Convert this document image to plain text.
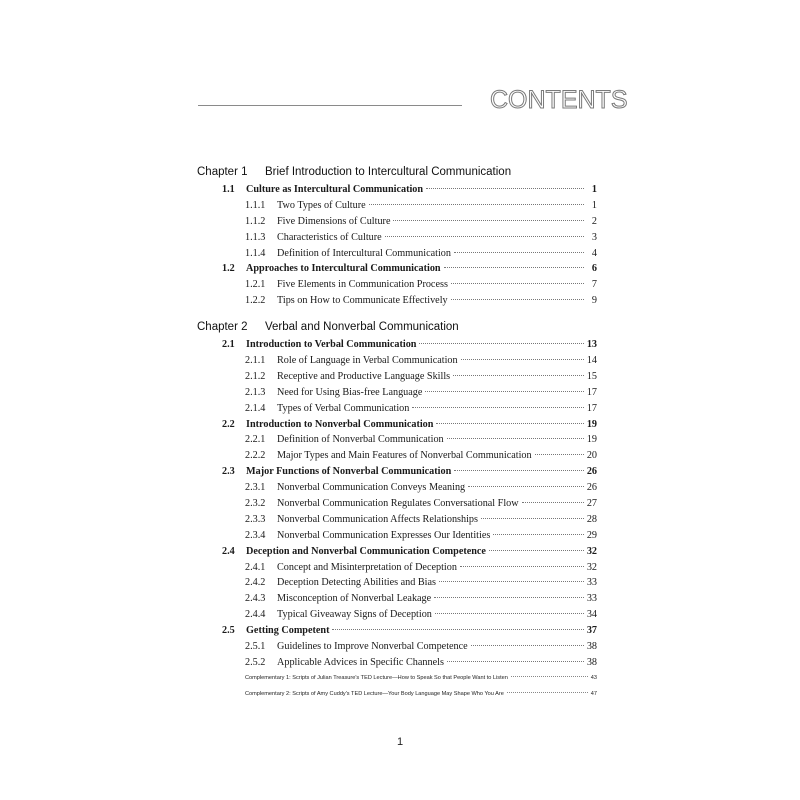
CONTENTS
Chapter 1 Brief Introduction to Intercultural Communication
1.1	Culture as Intercultural Communication	1
1.1.1	Two Types of Culture	1
1.1.2	Five Dimensions of Culture	2
1.1.3	Characteristics of Culture	3
1.1.4	Definition of Intercultural Communication	4
1.2	Approaches to Intercultural Communication	6
1.2.1	Five Elements in Communication Process	7
1.2.2	Tips on How to Communicate Effectively	9
Chapter 2 Verbal and Nonverbal Communication
2.1	Introduction to Verbal Communication	13
2.1.1	Role of Language in Verbal Communication	14
2.1.2	Receptive and Productive Language Skills	15
2.1.3	Need for Using Bias-free Language	17
2.1.4	Types of Verbal Communication	17
2.2	Introduction to Nonverbal Communication	19
2.2.1	Definition of Nonverbal Communication	19
2.2.2	Major Types and Main Features of Nonverbal Communication	20
2.3	Major Functions of Nonverbal Communication	26
2.3.1	Nonverbal Communication Conveys Meaning	26
2.3.2	Nonverbal Communication Regulates Conversational Flow	27
2.3.3	Nonverbal Communication Affects Relationships	28
2.3.4	Nonverbal Communication Expresses Our Identities	29
2.4	Deception and Nonverbal Communication Competence	32
2.4.1	Concept and Misinterpretation of Deception	32
2.4.2	Deception Detecting Abilities and Bias	33
2.4.3	Misconception of Nonverbal Leakage	33
2.4.4	Typical Giveaway Signs of Deception	34
2.5	Getting Competent	37
2.5.1	Guidelines to Improve Nonverbal Competence	38
2.5.2	Applicable Advices in Specific Channels	38
Complementary 1: Scripts of Julian Treasure's TED Lecture—How to Speak So that People Want to Listen	43
Complementary 2: Scripts of Amy Cuddy's TED Lecture—Your Body Language May Shape Who You Are	47
1
